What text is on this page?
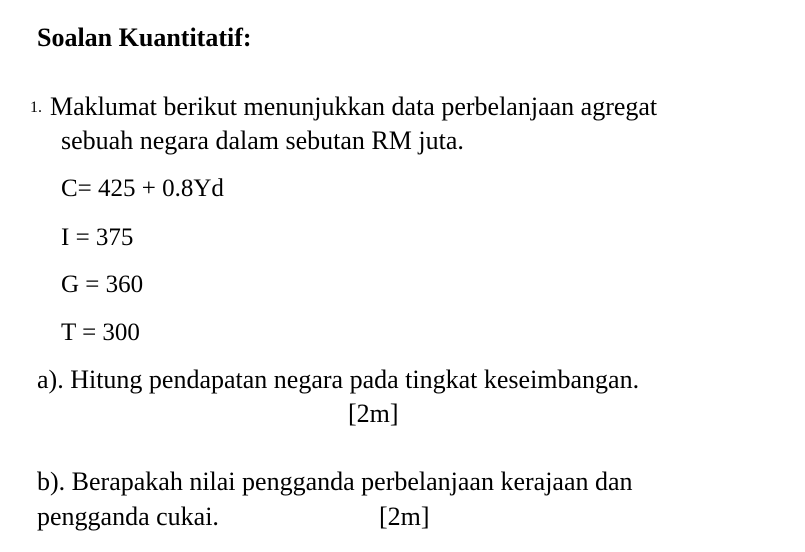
Soalan Kuantitatif:
1. Maklumat berikut menunjukkan data perbelanjaan agregat
sebuah negara dalam sebutan RM juta.
C= 425 + 0.8Yd
I = 375
G = 360
T = 300
a). Hitung pendapatan negara pada tingkat keseimbangan.
[2m]
b). Berapakah nilai pengganda perbelanjaan kerajaan dan
pengganda cukai.	[2m]
